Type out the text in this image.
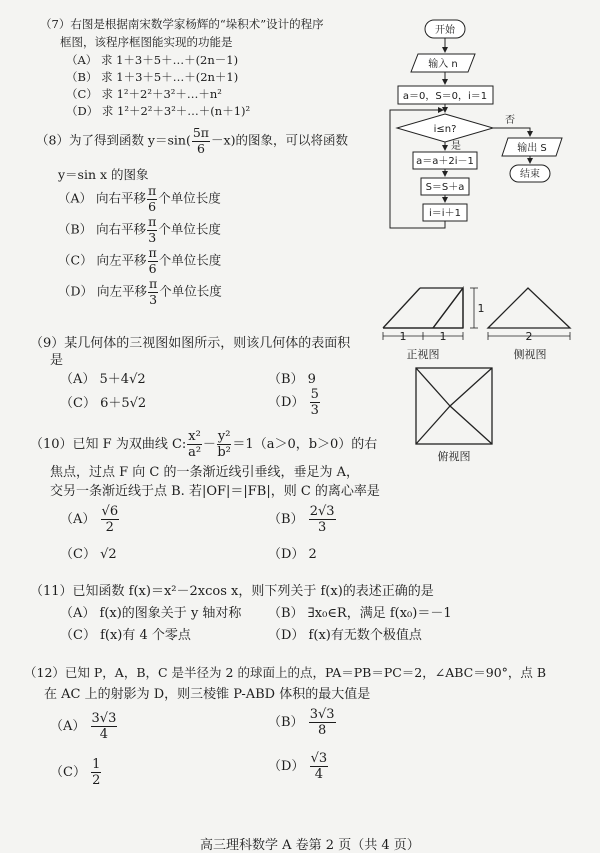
（7）右图是根据南宋数学家杨辉的“垛积术”设计的程序
框图，该程序框图能实现的功能是
（A） 求 1＋3＋5＋…＋(2n－1)
（B） 求 1＋3＋5＋…＋(2n＋1)
（C） 求 1²＋2²＋3²＋…＋n²
（D） 求 1²＋2²＋3²＋…＋(n＋1)²
开始
输入 n
a＝0，S＝0，i＝1
i≤n?
是
否
a＝a＋2i－1
S＝S＋a
i＝i＋1
输出 S
结束
（8）为了得到函数 $y=\sin( \frac{5\pi}{6} -x)$的图象，可以将函数
y＝sin x 的图象
（A） 向右平移 $\frac{\pi}{6}$ 个单位长度
（B） 向右平移 $\frac{\pi}{3}$ 个单位长度
（C） 向左平移 $\frac{\pi}{6}$ 个单位长度
（D） 向左平移 $\frac{\pi}{3}$ 个单位长度
1
1	1	2
正视图	侧视图
俯视图
（9）某几何体的三视图如图所示，则该几何体的表面积
是
（A） 5＋4√2	（B） 9
（C） 6＋5√2	$(D) \frac{5}{3}$
（10）已知 F 为双曲线 C: $\frac{\text{x²}}{\text{a²}} - \frac{\text{y²}}{\text{b²}} =1(a>0$，b＞0）的右
焦点，过点 F 向 C 的一条渐近线引垂线，垂足为 A，
交另一条渐近线于点 B. 若|OF|＝|FB|，则 C 的离心率是
$(A) \frac{√6}{2}$	$(B) \frac{2√3}{3}$
（C） √2	（D） 2
（11）已知函数 f(x)＝x²－2xcos x，则下列关于 f(x)的表述正确的是
（A） f(x)的图象关于 y 轴对称 （B） ∃x₀∈R，满足 f(x₀)＝－1
（C） f(x)有 4 个零点	（D） f(x)有无数个极值点
（12）已知 P，A，B，C 是半径为 2 的球面上的点，PA＝PB＝PC＝2，∠ABC＝90°，点 B
在 AC 上的射影为 D，则三棱锥 P-ABD 体积的最大值是
$(A) \frac{3√3}{4}$	$(B) \frac{3√3}{8}$
$(C) \frac{1}{2}$	$(D) \frac{√3}{4}$
高三理科数学 A 卷第 2 页（共 4 页）
